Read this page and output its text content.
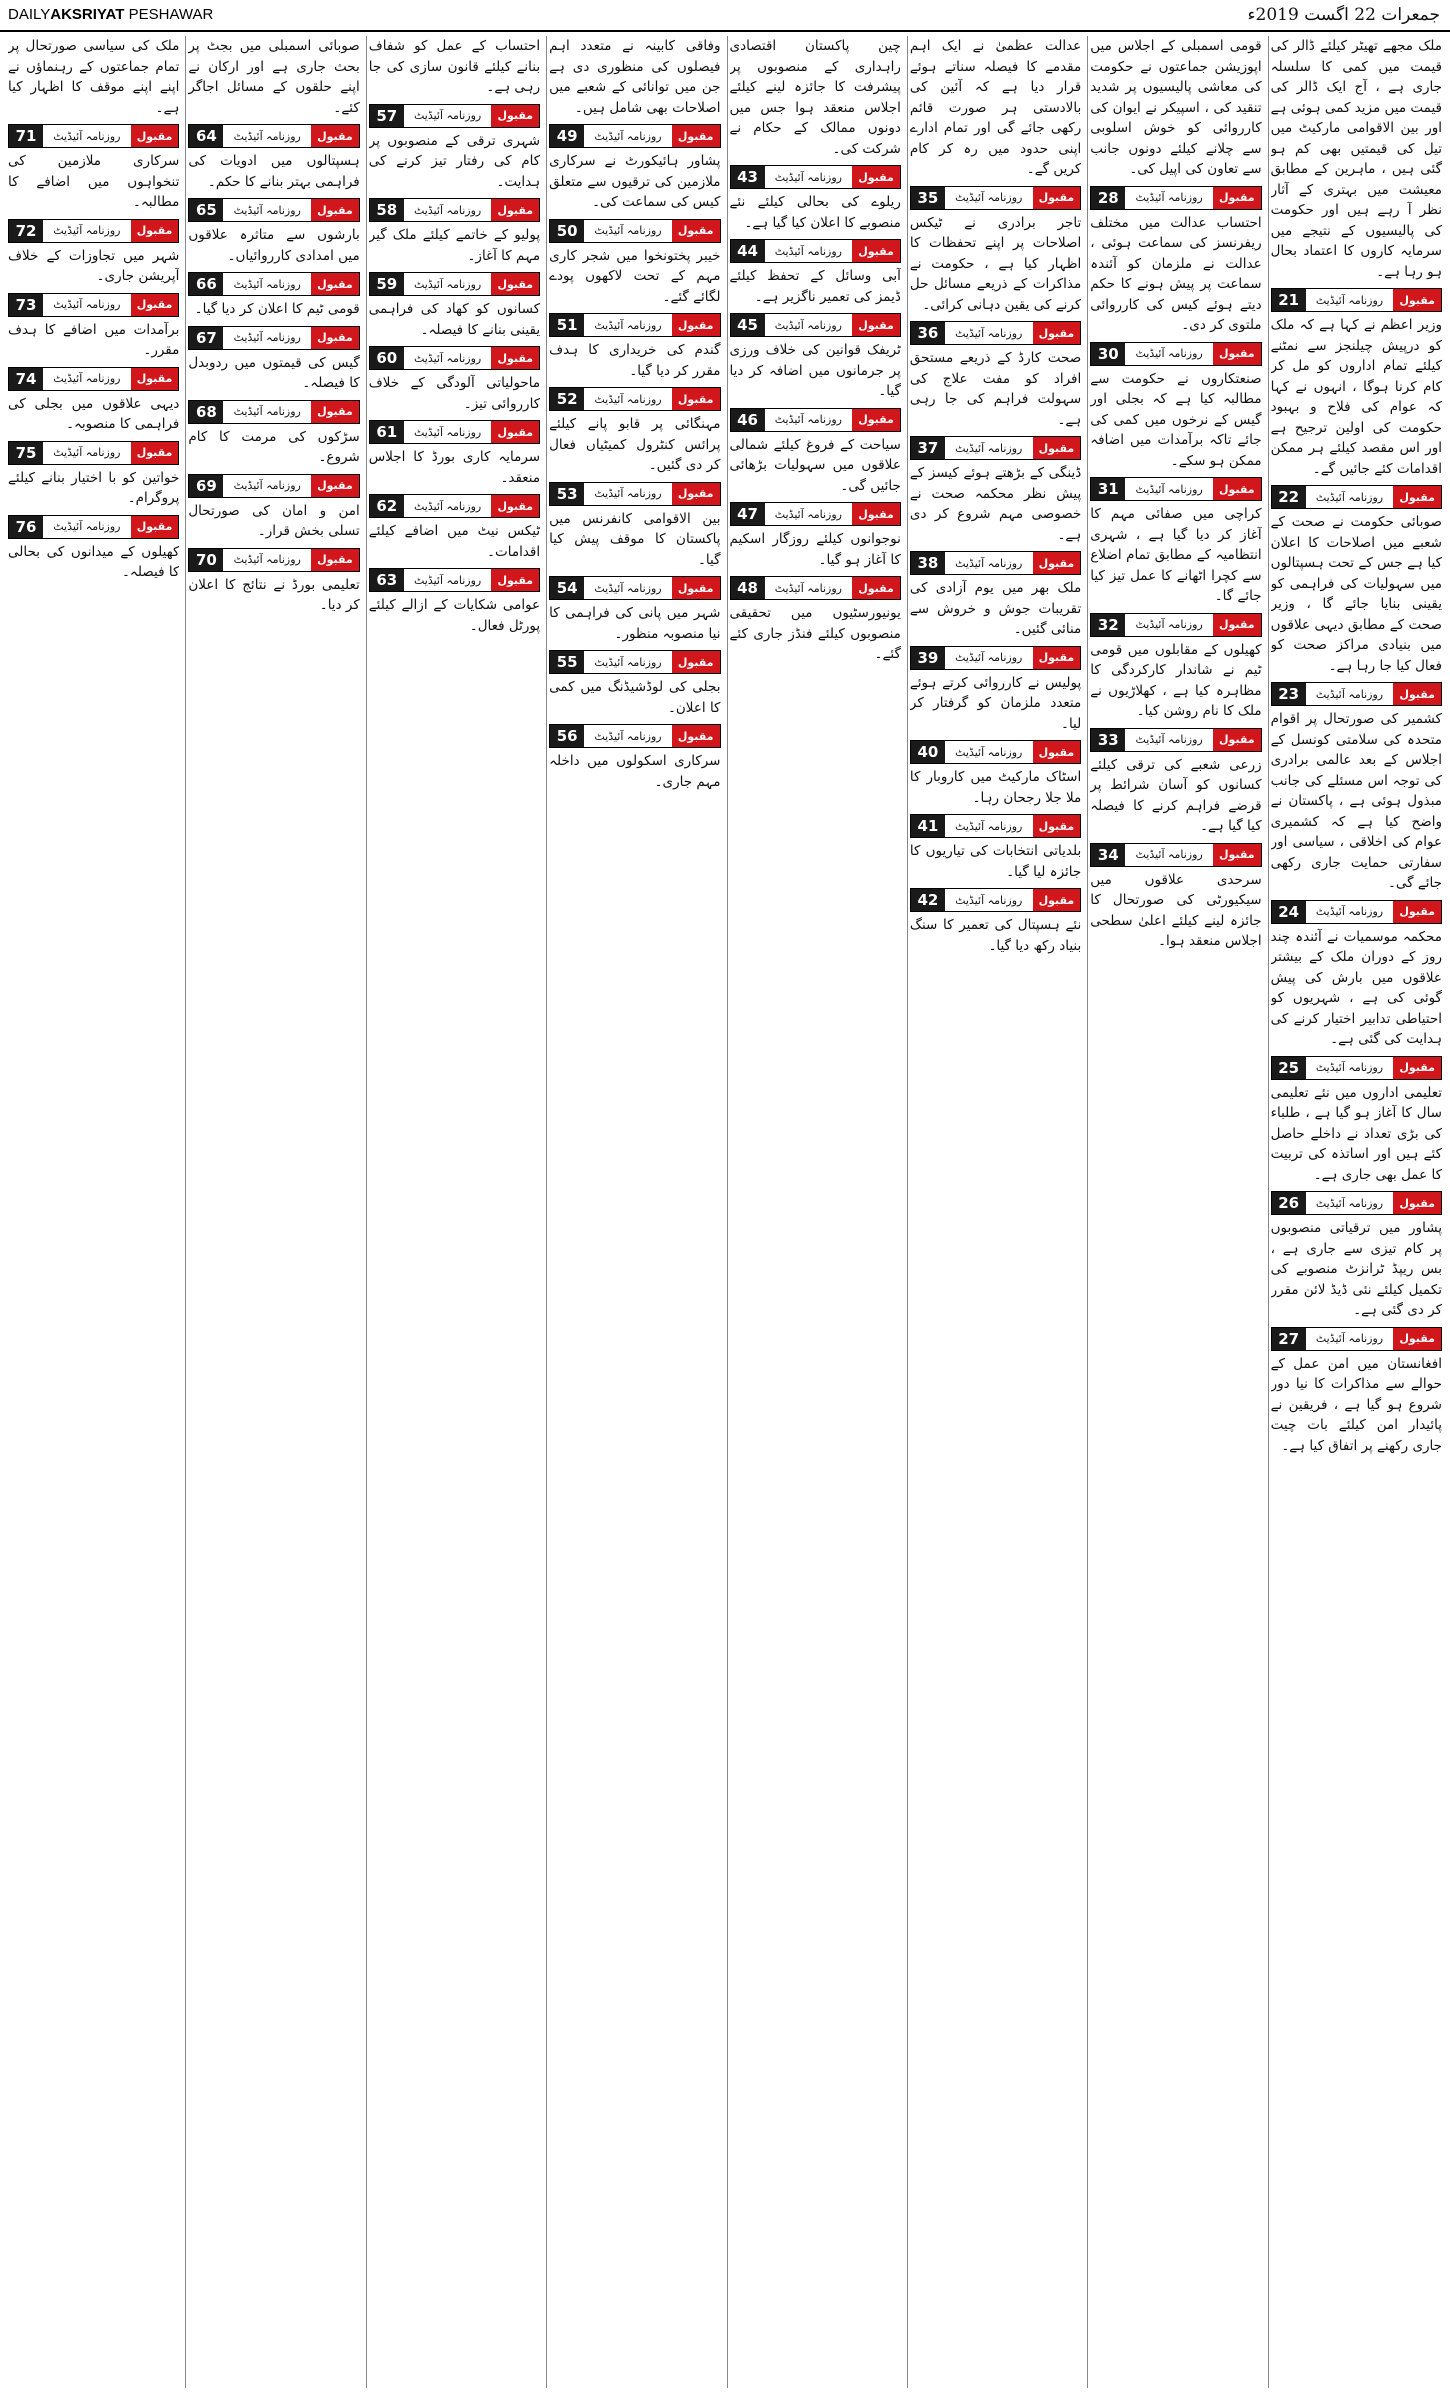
DAILYAKSRIYAT PESHAWAR	جمعرات 22 اگست 2019ء
ملک مجھے تھیٹر کیلئے ڈالر کی قیمت میں کمی کا سلسلہ جاری ہے ، آج ایک ڈالر کی قیمت میں مزید کمی ہوئی ہے اور بین الاقوامی مارکیٹ میں تیل کی قیمتیں بھی کم ہو گئی ہیں ، ماہرین کے مطابق معیشت میں بہتری کے آثار نظر آ رہے ہیں اور حکومت کی پالیسیوں کے نتیجے میں سرمایہ کاروں کا اعتماد بحال ہو رہا ہے۔
مقبول
روزنامہ آئیڈیٹ
21
وزیر اعظم نے کہا ہے کہ ملک کو درپیش چیلنجز سے نمٹنے کیلئے تمام اداروں کو مل کر کام کرنا ہوگا ، انہوں نے کہا کہ عوام کی فلاح و بہبود حکومت کی اولین ترجیح ہے اور اس مقصد کیلئے ہر ممکن اقدامات کئے جائیں گے۔
مقبول
روزنامہ آئیڈیٹ
22
صوبائی حکومت نے صحت کے شعبے میں اصلاحات کا اعلان کیا ہے جس کے تحت ہسپتالوں میں سہولیات کی فراہمی کو یقینی بنایا جائے گا ، وزیر صحت کے مطابق دیہی علاقوں میں بنیادی مراکز صحت کو فعال کیا جا رہا ہے۔
مقبول
روزنامہ آئیڈیٹ
23
کشمیر کی صورتحال پر اقوام متحدہ کی سلامتی کونسل کے اجلاس کے بعد عالمی برادری کی توجہ اس مسئلے کی جانب مبذول ہوئی ہے ، پاکستان نے واضح کیا ہے کہ کشمیری عوام کی اخلاقی ، سیاسی اور سفارتی حمایت جاری رکھی جائے گی۔
مقبول
روزنامہ آئیڈیٹ
24
محکمہ موسمیات نے آئندہ چند روز کے دوران ملک کے بیشتر علاقوں میں بارش کی پیش گوئی کی ہے ، شہریوں کو احتیاطی تدابیر اختیار کرنے کی ہدایت کی گئی ہے۔
مقبول
روزنامہ آئیڈیٹ
25
تعلیمی اداروں میں نئے تعلیمی سال کا آغاز ہو گیا ہے ، طلباء کی بڑی تعداد نے داخلے حاصل کئے ہیں اور اساتذہ کی تربیت کا عمل بھی جاری ہے۔
مقبول
روزنامہ آئیڈیٹ
26
پشاور میں ترقیاتی منصوبوں پر کام تیزی سے جاری ہے ، بس ریپڈ ٹرانزٹ منصوبے کی تکمیل کیلئے نئی ڈیڈ لائن مقرر کر دی گئی ہے۔
مقبول
روزنامہ آئیڈیٹ
27
افغانستان میں امن عمل کے حوالے سے مذاکرات کا نیا دور شروع ہو گیا ہے ، فریقین نے پائیدار امن کیلئے بات چیت جاری رکھنے پر اتفاق کیا ہے۔
قومی اسمبلی کے اجلاس میں اپوزیشن جماعتوں نے حکومت کی معاشی پالیسیوں پر شدید تنقید کی ، اسپیکر نے ایوان کی کارروائی کو خوش اسلوبی سے چلانے کیلئے دونوں جانب سے تعاون کی اپیل کی۔
مقبول
روزنامہ آئیڈیٹ
28
احتساب عدالت میں مختلف ریفرنسز کی سماعت ہوئی ، عدالت نے ملزمان کو آئندہ سماعت پر پیش ہونے کا حکم دیتے ہوئے کیس کی کارروائی ملتوی کر دی۔
مقبول
روزنامہ آئیڈیٹ
30
صنعتکاروں نے حکومت سے مطالبہ کیا ہے کہ بجلی اور گیس کے نرخوں میں کمی کی جائے تاکہ برآمدات میں اضافہ ممکن ہو سکے۔
مقبول
روزنامہ آئیڈیٹ
31
کراچی میں صفائی مہم کا آغاز کر دیا گیا ہے ، شہری انتظامیہ کے مطابق تمام اضلاع سے کچرا اٹھانے کا عمل تیز کیا جائے گا۔
مقبول
روزنامہ آئیڈیٹ
32
کھیلوں کے مقابلوں میں قومی ٹیم نے شاندار کارکردگی کا مظاہرہ کیا ہے ، کھلاڑیوں نے ملک کا نام روشن کیا۔
مقبول
روزنامہ آئیڈیٹ
33
زرعی شعبے کی ترقی کیلئے کسانوں کو آسان شرائط پر قرضے فراہم کرنے کا فیصلہ کیا گیا ہے۔
مقبول
روزنامہ آئیڈیٹ
34
سرحدی علاقوں میں سیکیورٹی کی صورتحال کا جائزہ لینے کیلئے اعلیٰ سطحی اجلاس منعقد ہوا۔
عدالت عظمیٰ نے ایک اہم مقدمے کا فیصلہ سناتے ہوئے قرار دیا ہے کہ آئین کی بالادستی ہر صورت قائم رکھی جائے گی اور تمام ادارے اپنی حدود میں رہ کر کام کریں گے۔
مقبول
روزنامہ آئیڈیٹ
35
تاجر برادری نے ٹیکس اصلاحات پر اپنے تحفظات کا اظہار کیا ہے ، حکومت نے مذاکرات کے ذریعے مسائل حل کرنے کی یقین دہانی کرائی۔
مقبول
روزنامہ آئیڈیٹ
36
صحت کارڈ کے ذریعے مستحق افراد کو مفت علاج کی سہولت فراہم کی جا رہی ہے۔
مقبول
روزنامہ آئیڈیٹ
37
ڈینگی کے بڑھتے ہوئے کیسز کے پیش نظر محکمہ صحت نے خصوصی مہم شروع کر دی ہے۔
مقبول
روزنامہ آئیڈیٹ
38
ملک بھر میں یوم آزادی کی تقریبات جوش و خروش سے منائی گئیں۔
مقبول
روزنامہ آئیڈیٹ
39
پولیس نے کارروائی کرتے ہوئے متعدد ملزمان کو گرفتار کر لیا۔
مقبول
روزنامہ آئیڈیٹ
40
اسٹاک مارکیٹ میں کاروبار کا ملا جلا رجحان رہا۔
مقبول
روزنامہ آئیڈیٹ
41
بلدیاتی انتخابات کی تیاریوں کا جائزہ لیا گیا۔
مقبول
روزنامہ آئیڈیٹ
42
نئے ہسپتال کی تعمیر کا سنگ بنیاد رکھ دیا گیا۔
چین پاکستان اقتصادی راہداری کے منصوبوں پر پیشرفت کا جائزہ لینے کیلئے اجلاس منعقد ہوا جس میں دونوں ممالک کے حکام نے شرکت کی۔
مقبول
روزنامہ آئیڈیٹ
43
ریلوے کی بحالی کیلئے نئے منصوبے کا اعلان کیا گیا ہے۔
مقبول
روزنامہ آئیڈیٹ
44
آبی وسائل کے تحفظ کیلئے ڈیمز کی تعمیر ناگزیر ہے۔
مقبول
روزنامہ آئیڈیٹ
45
ٹریفک قوانین کی خلاف ورزی پر جرمانوں میں اضافہ کر دیا گیا۔
مقبول
روزنامہ آئیڈیٹ
46
سیاحت کے فروغ کیلئے شمالی علاقوں میں سہولیات بڑھائی جائیں گی۔
مقبول
روزنامہ آئیڈیٹ
47
نوجوانوں کیلئے روزگار اسکیم کا آغاز ہو گیا۔
مقبول
روزنامہ آئیڈیٹ
48
یونیورسٹیوں میں تحقیقی منصوبوں کیلئے فنڈز جاری کئے گئے۔
وفاقی کابینہ نے متعدد اہم فیصلوں کی منظوری دی ہے جن میں توانائی کے شعبے میں اصلاحات بھی شامل ہیں۔
مقبول
روزنامہ آئیڈیٹ
49
پشاور ہائیکورٹ نے سرکاری ملازمین کی ترقیوں سے متعلق کیس کی سماعت کی۔
مقبول
روزنامہ آئیڈیٹ
50
خیبر پختونخوا میں شجر کاری مہم کے تحت لاکھوں پودے لگائے گئے۔
مقبول
روزنامہ آئیڈیٹ
51
گندم کی خریداری کا ہدف مقرر کر دیا گیا۔
مقبول
روزنامہ آئیڈیٹ
52
مہنگائی پر قابو پانے کیلئے پرائس کنٹرول کمیٹیاں فعال کر دی گئیں۔
مقبول
روزنامہ آئیڈیٹ
53
بین الاقوامی کانفرنس میں پاکستان کا موقف پیش کیا گیا۔
مقبول
روزنامہ آئیڈیٹ
54
شہر میں پانی کی فراہمی کا نیا منصوبہ منظور۔
مقبول
روزنامہ آئیڈیٹ
55
بجلی کی لوڈشیڈنگ میں کمی کا اعلان۔
مقبول
روزنامہ آئیڈیٹ
56
سرکاری اسکولوں میں داخلہ مہم جاری۔
احتساب کے عمل کو شفاف بنانے کیلئے قانون سازی کی جا رہی ہے۔
مقبول
روزنامہ آئیڈیٹ
57
شہری ترقی کے منصوبوں پر کام کی رفتار تیز کرنے کی ہدایت۔
مقبول
روزنامہ آئیڈیٹ
58
پولیو کے خاتمے کیلئے ملک گیر مہم کا آغاز۔
مقبول
روزنامہ آئیڈیٹ
59
کسانوں کو کھاد کی فراہمی یقینی بنانے کا فیصلہ۔
مقبول
روزنامہ آئیڈیٹ
60
ماحولیاتی آلودگی کے خلاف کارروائی تیز۔
مقبول
روزنامہ آئیڈیٹ
61
سرمایہ کاری بورڈ کا اجلاس منعقد۔
مقبول
روزنامہ آئیڈیٹ
62
ٹیکس نیٹ میں اضافے کیلئے اقدامات۔
مقبول
روزنامہ آئیڈیٹ
63
عوامی شکایات کے ازالے کیلئے پورٹل فعال۔
صوبائی اسمبلی میں بجٹ پر بحث جاری ہے اور ارکان نے اپنے حلقوں کے مسائل اجاگر کئے۔
مقبول
روزنامہ آئیڈیٹ
64
ہسپتالوں میں ادویات کی فراہمی بہتر بنانے کا حکم۔
مقبول
روزنامہ آئیڈیٹ
65
بارشوں سے متاثرہ علاقوں میں امدادی کارروائیاں۔
مقبول
روزنامہ آئیڈیٹ
66
قومی ٹیم کا اعلان کر دیا گیا۔
مقبول
روزنامہ آئیڈیٹ
67
گیس کی قیمتوں میں ردوبدل کا فیصلہ۔
مقبول
روزنامہ آئیڈیٹ
68
سڑکوں کی مرمت کا کام شروع۔
مقبول
روزنامہ آئیڈیٹ
69
امن و امان کی صورتحال تسلی بخش قرار۔
مقبول
روزنامہ آئیڈیٹ
70
تعلیمی بورڈ نے نتائج کا اعلان کر دیا۔
ملک کی سیاسی صورتحال پر تمام جماعتوں کے رہنماؤں نے اپنے اپنے موقف کا اظہار کیا ہے۔
مقبول
روزنامہ آئیڈیٹ
71
سرکاری ملازمین کی تنخواہوں میں اضافے کا مطالبہ۔
مقبول
روزنامہ آئیڈیٹ
72
شہر میں تجاوزات کے خلاف آپریشن جاری۔
مقبول
روزنامہ آئیڈیٹ
73
برآمدات میں اضافے کا ہدف مقرر۔
مقبول
روزنامہ آئیڈیٹ
74
دیہی علاقوں میں بجلی کی فراہمی کا منصوبہ۔
مقبول
روزنامہ آئیڈیٹ
75
خواتین کو با اختیار بنانے کیلئے پروگرام۔
مقبول
روزنامہ آئیڈیٹ
76
کھیلوں کے میدانوں کی بحالی کا فیصلہ۔
